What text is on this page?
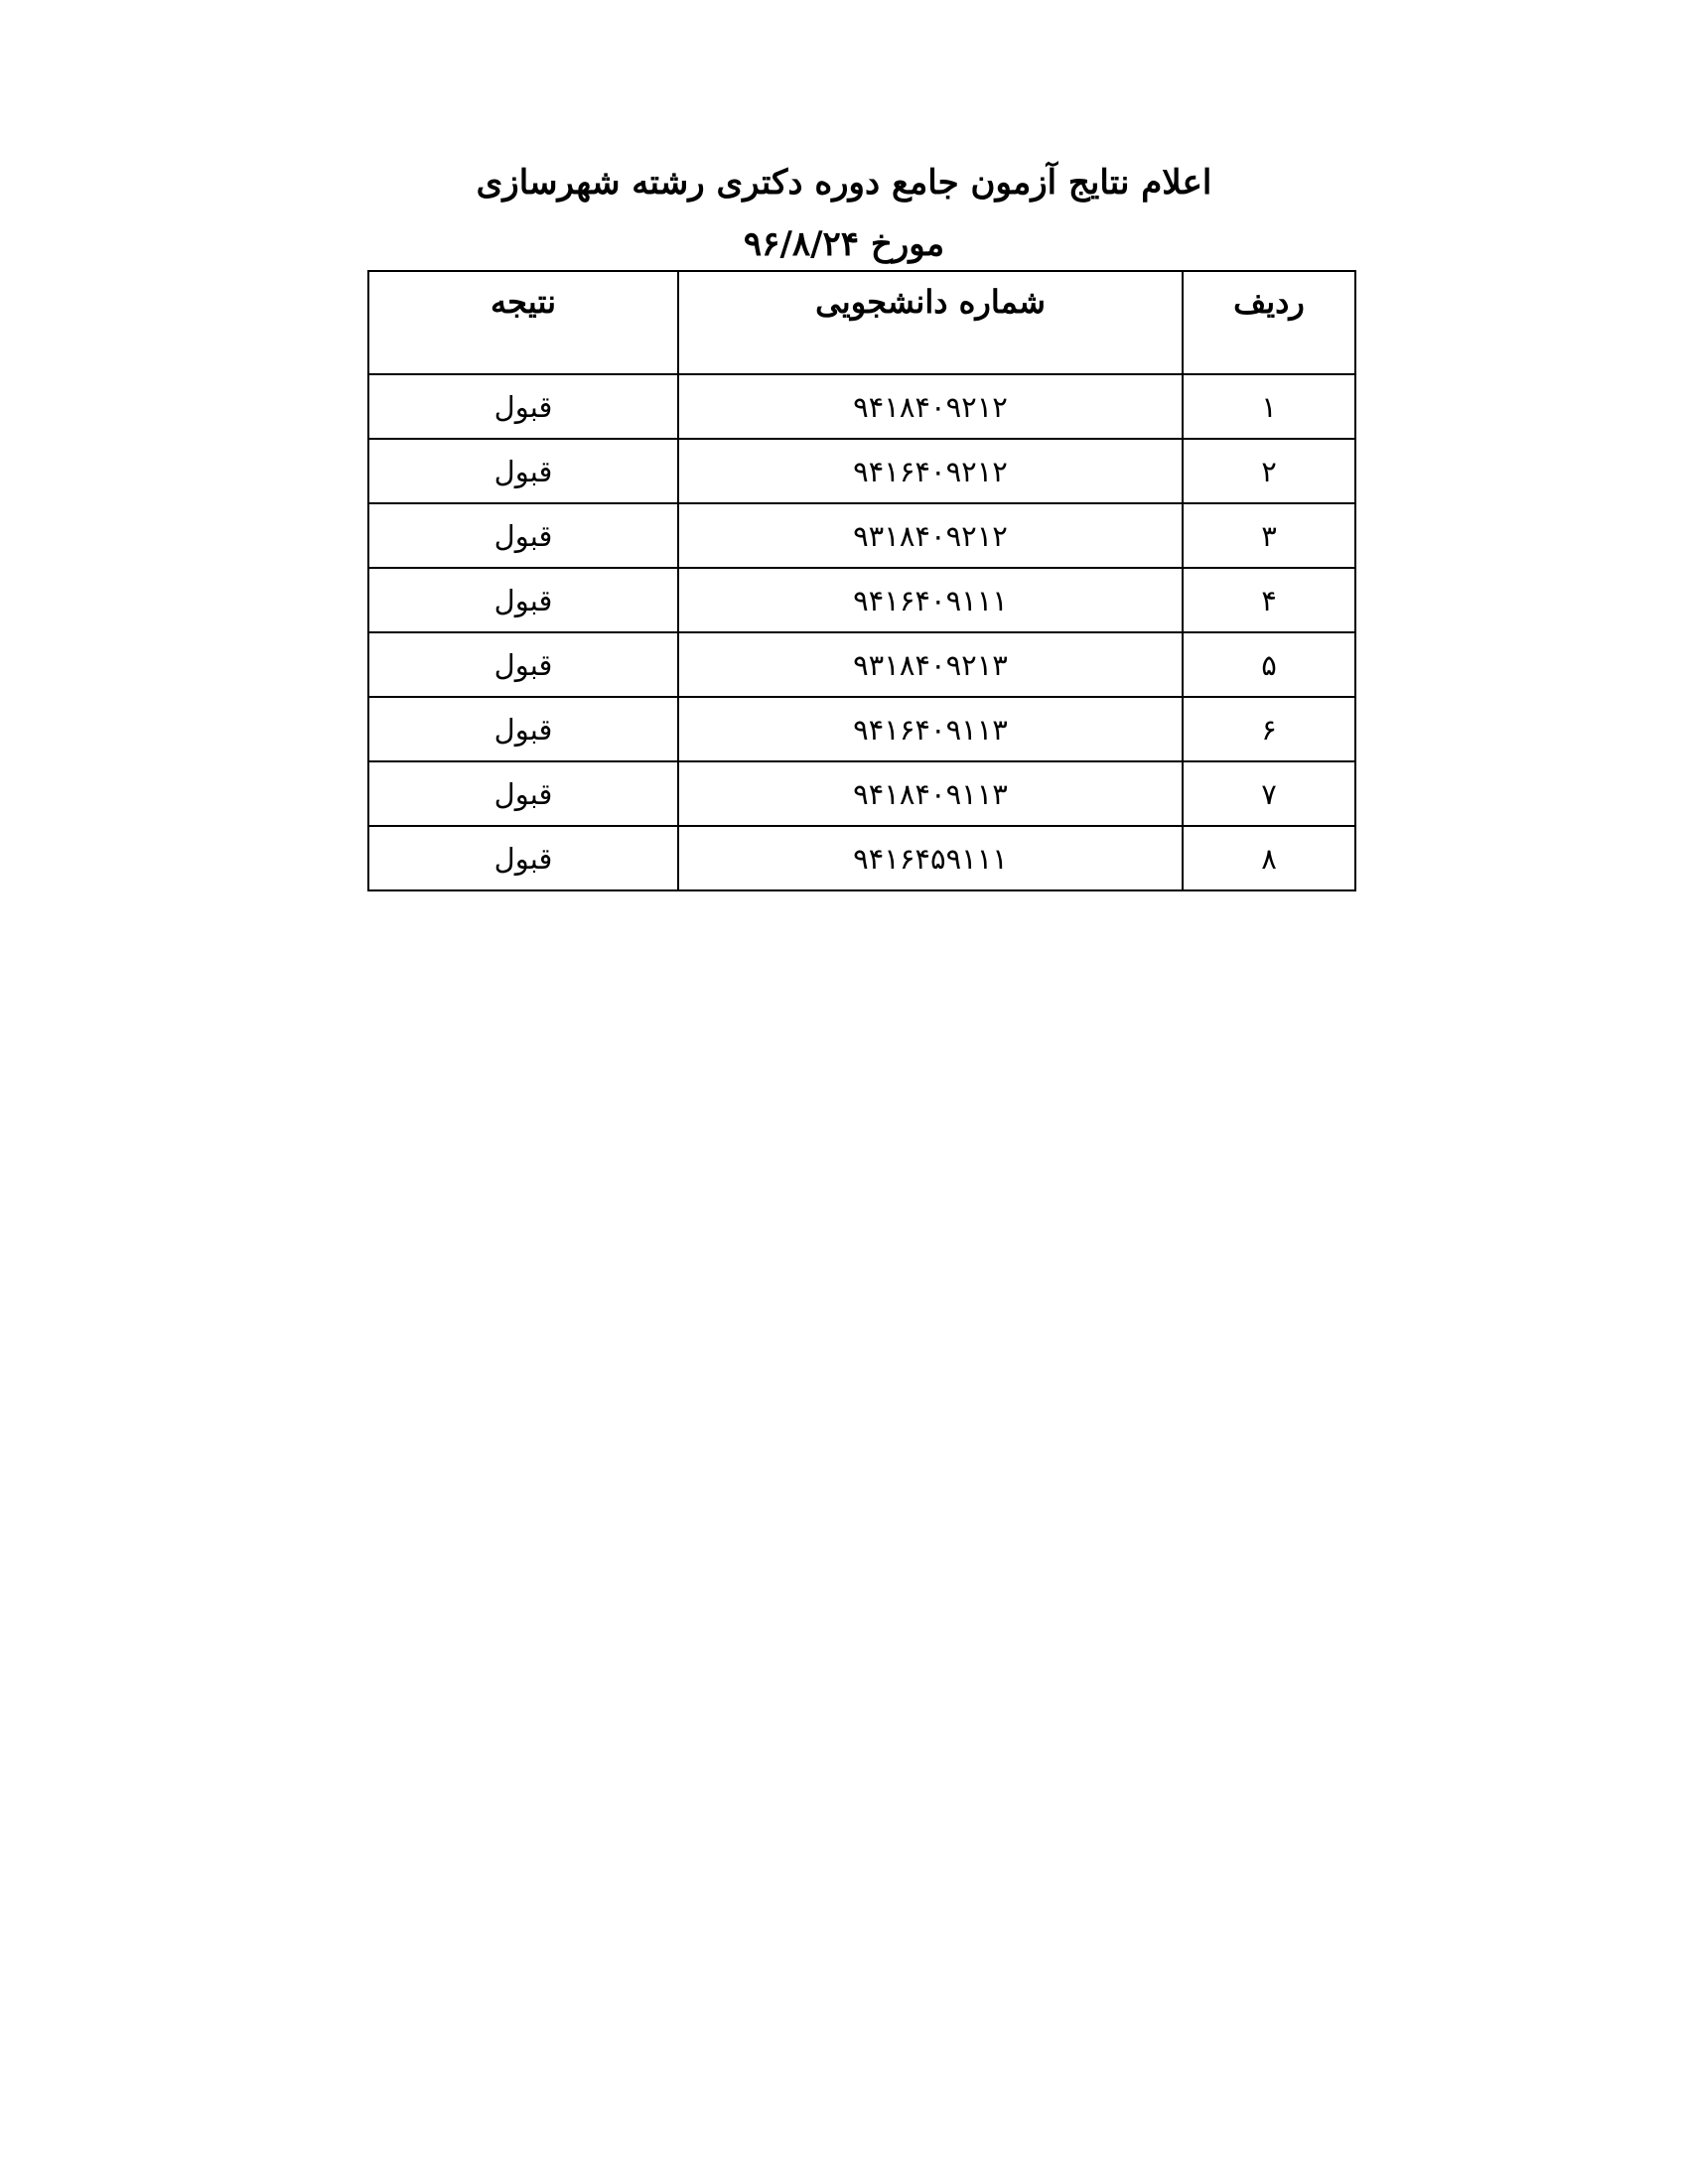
اعلام نتایج آزمون جامع دوره دکتری رشته شهرسازی
مورخ ۹۶/۸/۲۴
ردیف	شماره دانشجویی	نتیجه
۱	۹۴۱۸۴۰۹۲۱۲	قبول
۲	۹۴۱۶۴۰۹۲۱۲	قبول
۳	۹۳۱۸۴۰۹۲۱۲	قبول
۴	۹۴۱۶۴۰۹۱۱۱	قبول
۵	۹۳۱۸۴۰۹۲۱۳	قبول
۶	۹۴۱۶۴۰۹۱۱۳	قبول
۷	۹۴۱۸۴۰۹۱۱۳	قبول
۸	۹۴۱۶۴۵۹۱۱۱	قبول
